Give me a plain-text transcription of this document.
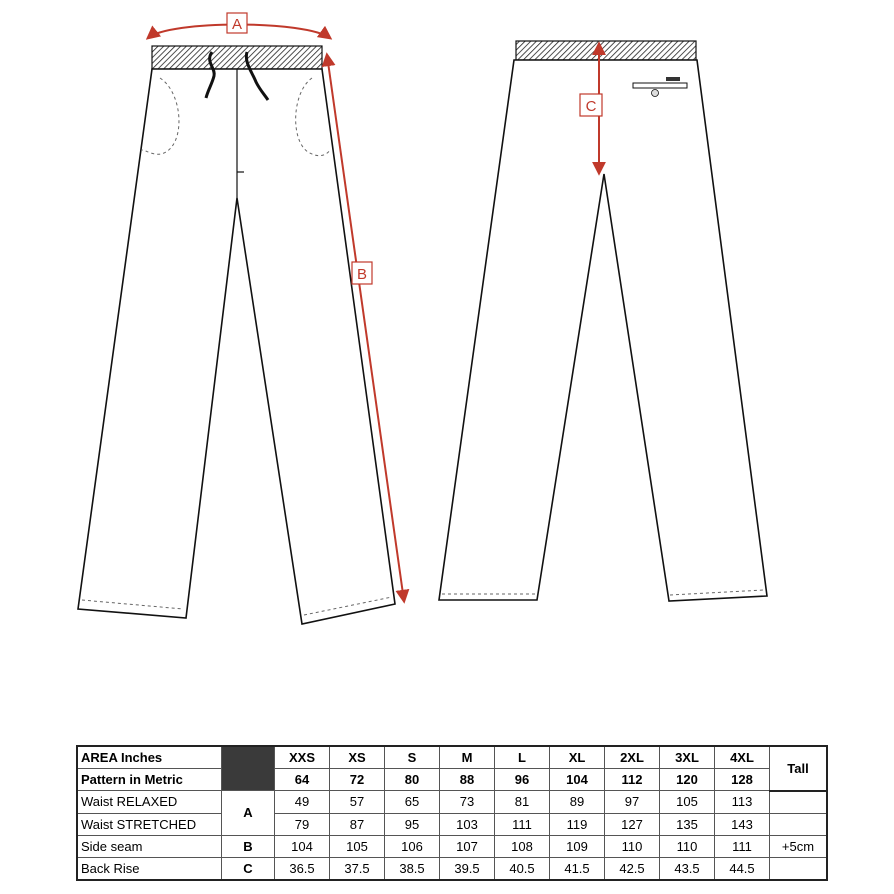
A
B
C
AREA Inches		XXS	XS	S	M	L	XL	2XL	3XL	4XL	Tall
Pattern in Metric		64	72	80	88	96	104	112	120	128	
Waist RELAXED	A	49	57	65	73	81	89	97	105	113	
Waist STRETCHED		79	87	95	103	111	119	127	135	143	
Side seam	B	104	105	106	107	108	109	110	110	111	+5cm
Back Rise	C	36.5	37.5	38.5	39.5	40.5	41.5	42.5	43.5	44.5	
